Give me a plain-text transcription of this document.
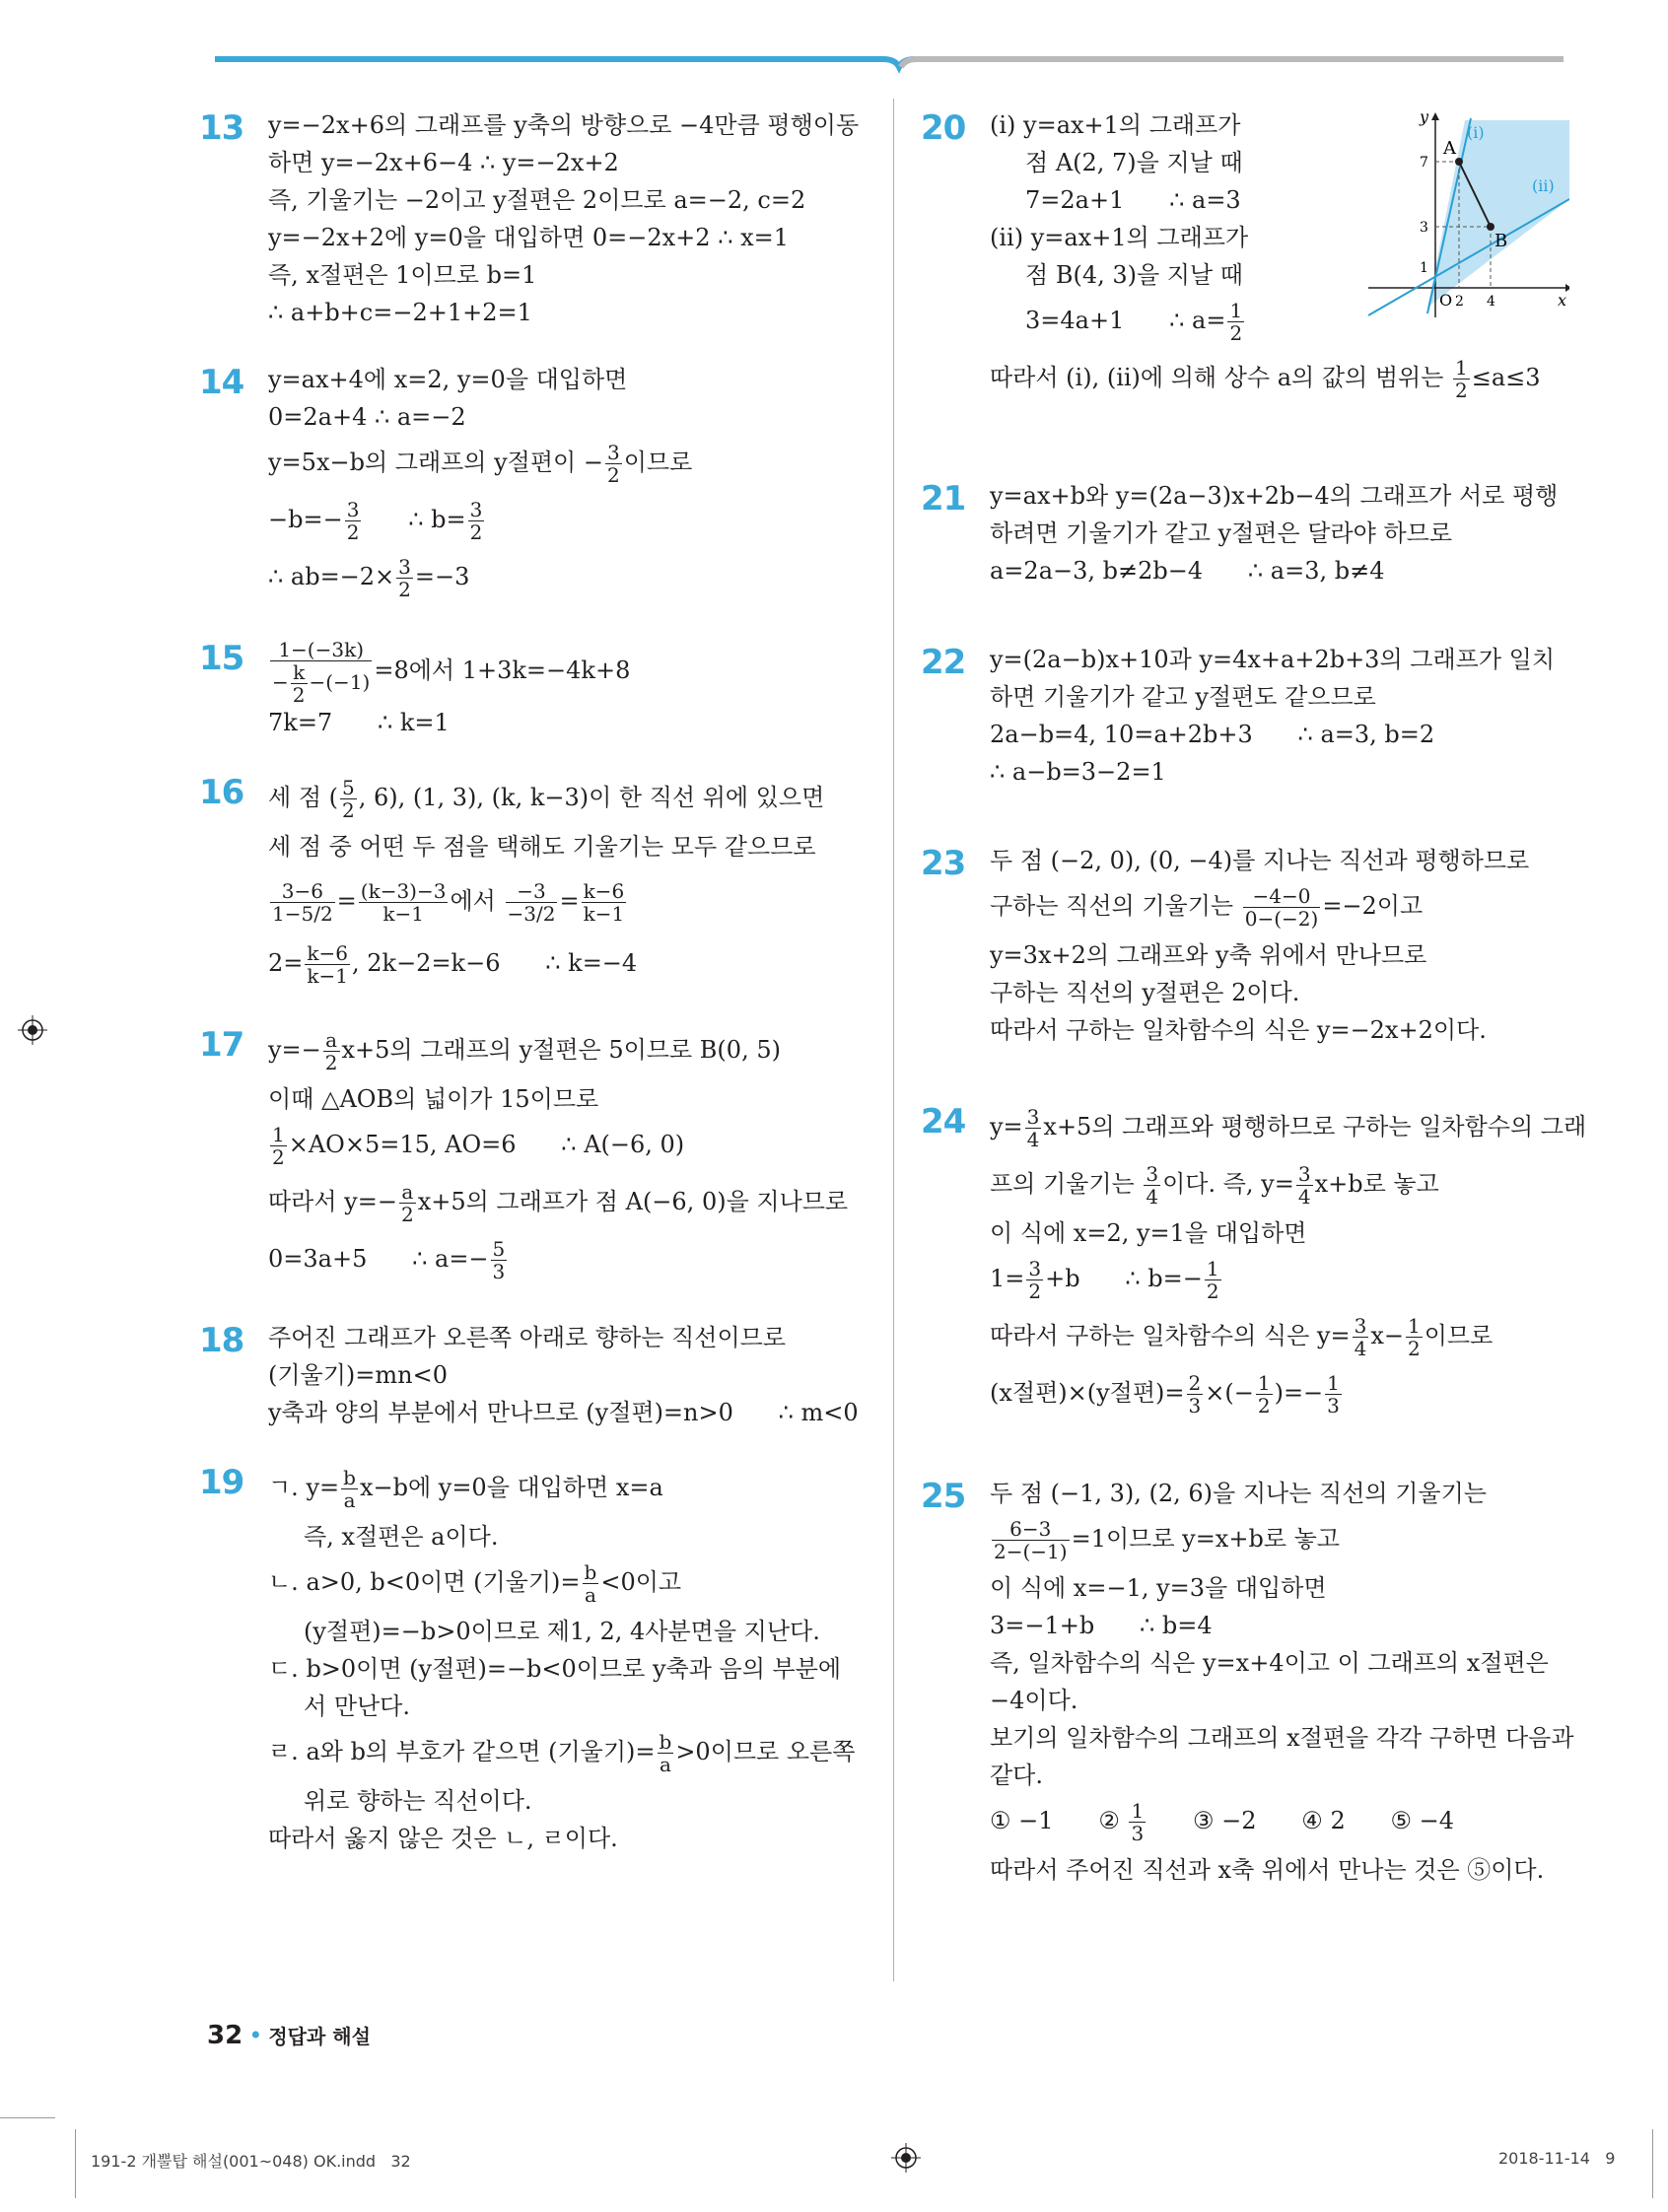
13	y=−2x+6의 그래프를 y축의 방향으로 −4만큼 평행이동
하면 y=−2x+6−4 ∴ y=−2x+2
즉, 기울기는 −2이고 y절편은 2이므로 a=−2, c=2
y=−2x+2에 y=0을 대입하면 0=−2x+2 ∴ x=1
즉, x절편은 1이므로 b=1
∴ a+b+c=−2+1+2=1
14	y=ax+4에 x=2, y=0을 대입하면
0=2a+4 ∴ a=−2
y=5x−b의 그래프의 y절편이 − $\frac{3}{2}$ 이므로
$-b=- \frac{3}{2}$ ∴ $b= \frac{3}{2}$
∴ $ab=-2\times \frac{3}{2} =-3$
15	$\frac{1-(-3k)}{- \frac{k}{2} -(-1)} =8$에서 1+3k=−4k+8
7k=7      ∴ k=1
16	세 점 ( $\frac{5}{2}$ , 6), (1, 3), (k, k−3)이 한 직선 위에 있으면
세 점 중 어떤 두 점을 택해도 기울기는 모두 같으므로
$\frac{3-6}{1-5/2} = \frac{(k-3)-3}{k-1}$ 에서 $\frac{-3}{-3/2} = \frac{k-6}{k-1}$
$2= \frac{k-6}{k-1}$ , 2k−2=k−6      ∴ k=−4
17	$y=- \frac{a}{2} x+5$의 그래프의 y절편은 5이므로 B(0, 5)
이때 △AOB의 넓이가 15이므로
$\frac{1}{2} \times AO\times 5=15$, AO=6      ∴ A(−6, 0)
따라서 $y=- \frac{a}{2} x+5$의 그래프가 점 A(−6, 0)을 지나므로
0=3a+5      ∴ $a=- \frac{5}{3}$
18	주어진 그래프가 오른쪽 아래로 향하는 직선이므로
(기울기)=mn<0
y축과 양의 부분에서 만나므로 (y절편)=n>0      ∴ m<0
19	ㄱ. $y= \frac{b}{a} x-b$에 y=0을 대입하면 x=a
즉, x절편은 a이다.
ㄴ. a>0, b<0이면 (기울기)= $\frac{b}{a} <0$이고
(y절편)=−b>0이므로 제1, 2, 4사분면을 지난다.
ㄷ. b>0이면 (y절편)=−b<0이므로 y축과 음의 부분에
서 만난다.
ㄹ. a와 b의 부호가 같으면 (기울기)= $\frac{b}{a} >0$이므로 오른쪽
위로 향하는 직선이다.
따라서 옳지 않은 것은 ㄴ, ㄹ이다.
20	(ⅰ) y=ax+1의 그래프가
점 A(2, 7)을 지날 때
7=2a+1      ∴ a=3
(ⅱ) y=ax+1의 그래프가
점 B(4, 3)을 지날 때
3=4a+1      ∴ $a= \frac{1}{2}$
따라서 (ⅰ), (ⅱ)에 의해 상수 a의 값의 범위는 $\frac{1}{2} \le a\le 3$
21	y=ax+b와 y=(2a−3)x+2b−4의 그래프가 서로 평행
하려면 기울기가 같고 y절편은 달라야 하므로
a=2a−3, b≠2b−4      ∴ a=3, b≠4
22	y=(2a−b)x+10과 y=4x+a+2b+3의 그래프가 일치
하면 기울기가 같고 y절편도 같으므로
2a−b=4, 10=a+2b+3      ∴ a=3, b=2
∴ a−b=3−2=1
23	두 점 (−2, 0), (0, −4)를 지나는 직선과 평행하므로
구하는 직선의 기울기는 $\frac{-4-0}{0-(-2)} =-2$이고
y=3x+2의 그래프와 y축 위에서 만나므로
구하는 직선의 y절편은 2이다.
따라서 구하는 일차함수의 식은 y=−2x+2이다.
24	$y= \frac{3}{4} x+5$의 그래프와 평행하므로 구하는 일차함수의 그래
프의 기울기는 $\frac{3}{4}$ 이다. 즉, $y= \frac{3}{4} x+b$로 놓고
이 식에 x=2, y=1을 대입하면
$1= \frac{3}{2} +b$      ∴ $b=- \frac{1}{2}$
따라서 구하는 일차함수의 식은 $y= \frac{3}{4} x- \frac{1}{2}$ 이므로
(x절편)×(y절편)= $\frac{2}{3}$ ×(− $\frac{1}{2}$ )=− $\frac{1}{3}$
25	두 점 (−1, 3), (2, 6)을 지나는 직선의 기울기는
$\frac{6-3}{2-(-1)} =1$이므로 y=x+b로 놓고
이 식에 x=−1, y=3을 대입하면
3=−1+b      ∴ b=4
즉, 일차함수의 식은 y=x+4이고 이 그래프의 x절편은
−4이다.
보기의 일차함수의 그래프의 x절편을 각각 구하면 다음과
같다.
① −1 ② $\frac{1}{3}$ ③ −2 ④ 2 ⑤ −4
따라서 주어진 직선과 x축 위에서 만나는 것은 ⑤이다.
A
B
(ⅰ)
(ⅱ)
y
x
O 2 4
7
3
1
32 • 정답과 해설
191-2 개뿔탑 해설(001~048) OK.indd   32	2018-11-14   9
